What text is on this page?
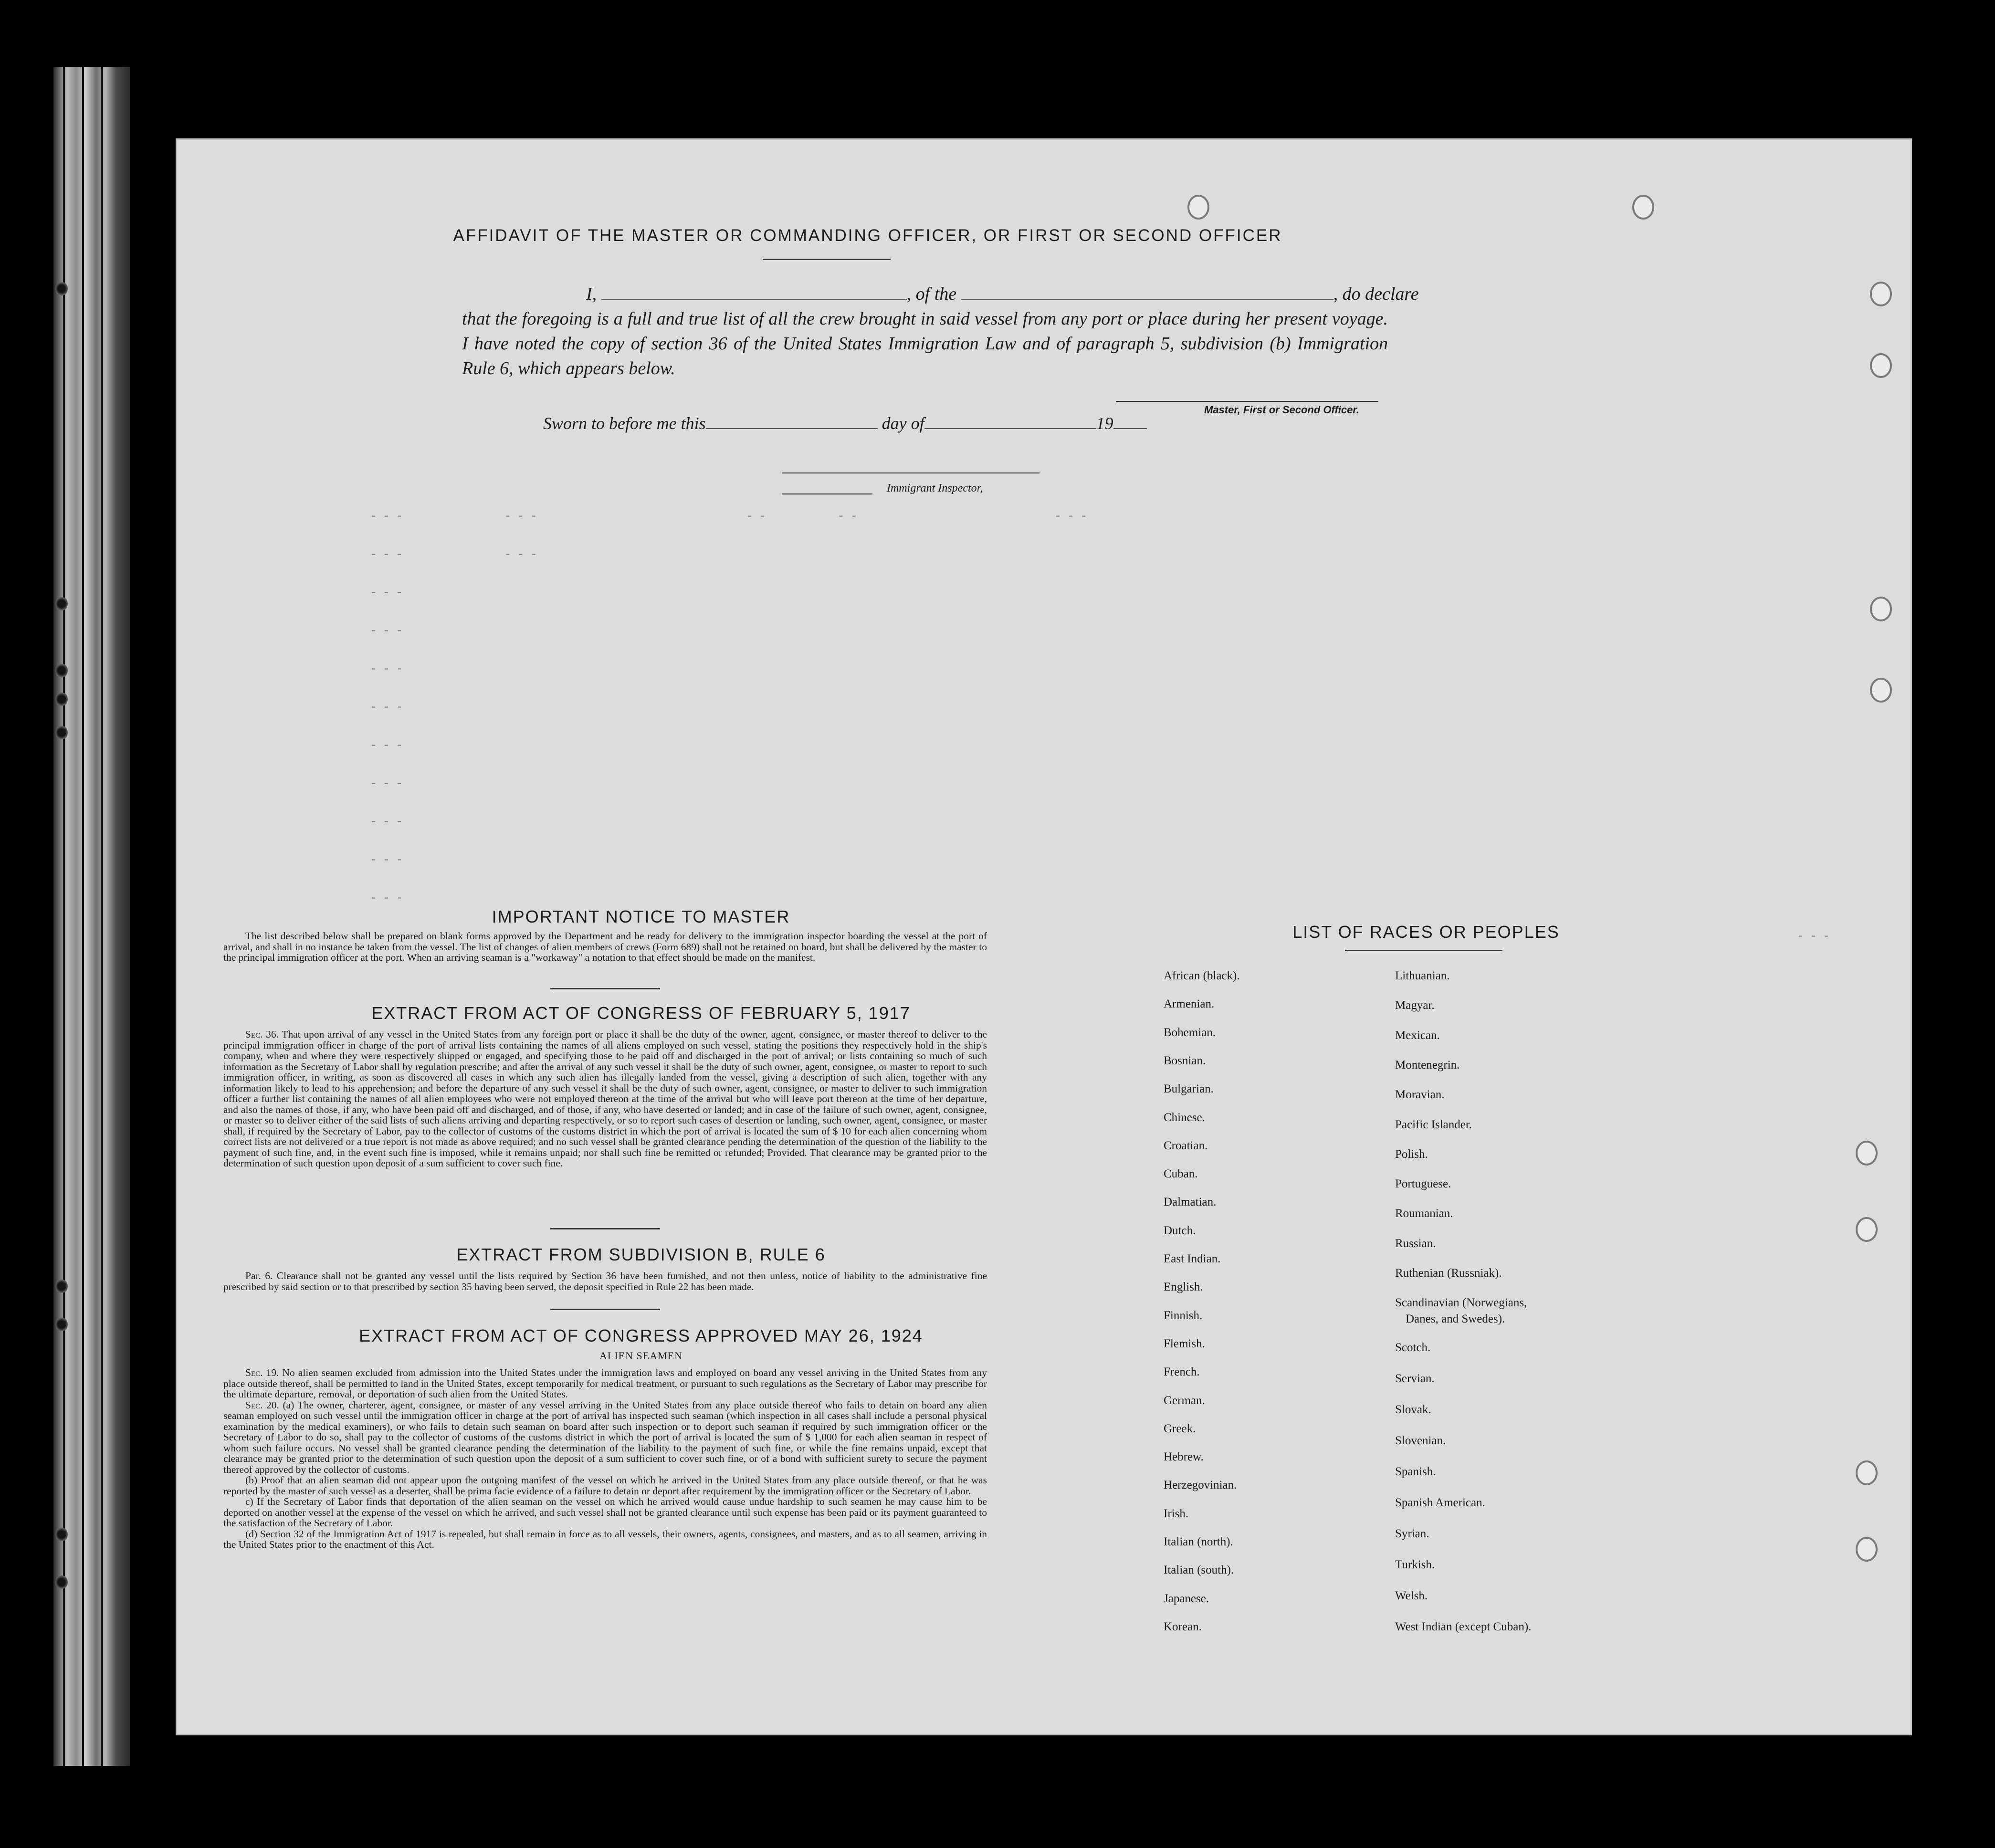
AFFIDAVIT OF THE MASTER OR COMMANDING OFFICER, OR FIRST OR SECOND OFFICER
I,	, of the	, do declare
that the foregoing is a full and true list of all the crew brought in said vessel from any port or place during her present voyage. I have noted the copy of section 36 of the United States Immigration Law and of paragraph 5, subdivision (b) Immigration Rule 6, which appears below.
Master, First or Second Officer.
Sworn to before me this	day of	19
Immigrant Inspector,
- - -                 - - -                                   - -            - -                                 - - -
- - -                 - - -
- - -
- - -
- - -
- - -
- - -
- - -
- - -
- - -
- - -
- - -
IMPORTANT NOTICE TO MASTER

The list described below shall be prepared on blank forms approved by the Department and be ready for delivery to the immigration inspector boarding the vessel at the port of arrival, and shall in no instance be taken from the vessel. The list of changes of alien members of crews (Form 689) shall not be retained on board, but shall be delivered by the master to the principal immigration officer at the port. When an arriving seaman is a "workaway" a notation to that effect should be made on the manifest.

EXTRACT FROM ACT OF CONGRESS OF FEBRUARY 5, 1917

Sec. 36. That upon arrival of any vessel in the United States from any foreign port or place it shall be the duty of the owner, agent, consignee, or master thereof to deliver to the principal immigration officer in charge of the port of arrival lists containing the names of all aliens employed on such vessel, stating the positions they respectively hold in the ship's company, when and where they were respectively shipped or engaged, and specifying those to be paid off and discharged in the port of arrival; or lists containing so much of such information as the Secretary of Labor shall by regulation prescribe; and after the arrival of any such vessel it shall be the duty of such owner, agent, consignee, or master to report to such immigration officer, in writing, as soon as discovered all cases in which any such alien has illegally landed from the vessel, giving a description of such alien, together with any information likely to lead to his apprehension; and before the departure of any such vessel it shall be the duty of such owner, agent, consignee, or master to deliver to such immigration officer a further list containing the names of all alien employees who were not employed thereon at the time of the arrival but who will leave port thereon at the time of her departure, and also the names of those, if any, who have been paid off and discharged, and of those, if any, who have deserted or landed; and in case of the failure of such owner, agent, consignee, or master so to deliver either of the said lists of such aliens arriving and departing respectively, or so to report such cases of desertion or landing, such owner, agent, consignee, or master shall, if required by the Secretary of Labor, pay to the collector of customs of the customs district in which the port of arrival is located the sum of $ 10 for each alien concerning whom correct lists are not delivered or a true report is not made as above required; and no such vessel shall be granted clearance pending the determination of the question of the liability to the payment of such fine, and, in the event such fine is imposed, while it remains unpaid; nor shall such fine be remitted or refunded; Provided. That clearance may be granted prior to the determination of such question upon deposit of a sum sufficient to cover such fine.

EXTRACT FROM SUBDIVISION B, RULE 6

Par. 6. Clearance shall not be granted any vessel until the lists required by Section 36 have been furnished, and not then unless, notice of liability to the administrative fine prescribed by said section or to that prescribed by section 35 having been served, the deposit specified in Rule 22 has been made.

EXTRACT FROM ACT OF CONGRESS APPROVED MAY 26, 1924
ALIEN SEAMEN

Sec. 19. No alien seamen excluded from admission into the United States under the immigration laws and employed on board any vessel arriving in the United States from any place outside thereof, shall be permitted to land in the United States, except temporarily for medical treatment, or pursuant to such regulations as the Secretary of Labor may prescribe for the ultimate departure, removal, or deportation of such alien from the United States.

Sec. 20. (a) The owner, charterer, agent, consignee, or master of any vessel arriving in the United States from any place outside thereof who fails to detain on board any alien seaman employed on such vessel until the immigration officer in charge at the port of arrival has inspected such seaman (which inspection in all cases shall include a personal physical examination by the medical examiners), or who fails to detain such seaman on board after such inspection or to deport such seaman if required by such immigration officer or the Secretary of Labor to do so, shall pay to the collector of customs of the customs district in which the port of arrival is located the sum of $ 1,000 for each alien seaman in respect of whom such failure occurs. No vessel shall be granted clearance pending the determination of the liability to the payment of such fine, or while the fine remains unpaid, except that clearance may be granted prior to the determination of such question upon the deposit of a sum sufficient to cover such fine, or of a bond with sufficient surety to secure the payment thereof approved by the collector of customs.

(b) Proof that an alien seaman did not appear upon the outgoing manifest of the vessel on which he arrived in the United States from any place outside thereof, or that he was reported by the master of such vessel as a deserter, shall be prima facie evidence of a failure to detain or deport after requirement by the immigration officer or the Secretary of Labor.

c) If the Secretary of Labor finds that deportation of the alien seaman on the vessel on which he arrived would cause undue hardship to such seamen he may cause him to be deported on another vessel at the expense of the vessel on which he arrived, and such vessel shall not be granted clearance until such expense has been paid or its payment guaranteed to the satisfaction of the Secretary of Labor.

(d) Section 32 of the Immigration Act of 1917 is repealed, but shall remain in force as to all vessels, their owners, agents, consignees, and masters, and as to all seamen, arriving in the United States prior to the enactment of this Act.

LIST OF RACES OR PEOPLES
African (black).
Armenian.
Bohemian.
Bosnian.
Bulgarian.
Chinese.
Croatian.
Cuban.
Dalmatian.
Dutch.
East Indian.
English.
Finnish.
Flemish.
French.
German.
Greek.
Hebrew.
Herzegovinian.
Irish.
Italian (north).
Italian (south).
Japanese.
Korean.
Lithuanian.
Magyar.
Mexican.
Montenegrin.
Moravian.
Pacific Islander.
Polish.
Portuguese.
Roumanian.
Russian.
Ruthenian (Russniak).
Scandinavian (Norwegians,
Danes, and Swedes).
Scotch.
Servian.
Slovak.
Slovenian.
Spanish.
Spanish American.
Syrian.
Turkish.
Welsh.
West Indian (except Cuban).
